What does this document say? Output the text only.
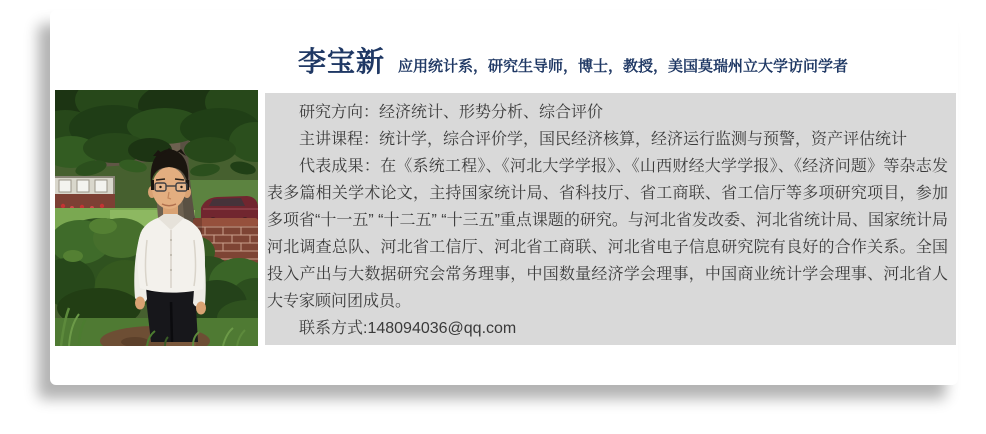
李宝新 应用统计系，研究生导师，博士，教授，美国莫瑞州立大学访问学者

研究方向：经济统计、形势分析、综合评价

主讲课程：统计学，综合评价学，国民经济核算，经济运行监测与预警，资产评估统计

代表成果：在《系统工程》、《河北大学学报》、《山西财经大学学报》、《经济问题》等杂志发表多篇相关学术论文，主持国家统计局、省科技厅、省工商联、省工信厅等多项研究项目，参加多项省“十一五” “十二五” “十三五”重点课题的研究。与河北省发改委、河北省统计局、国家统计局河北调查总队、河北省工信厅、河北省工商联、河北省电子信息研究院有良好的合作关系。全国投入产出与大数据研究会常务理事，中国数量经济学会理事，中国商业统计学会理事、河北省人大专家顾问团成员。

联系方式:148094036@qq.com
